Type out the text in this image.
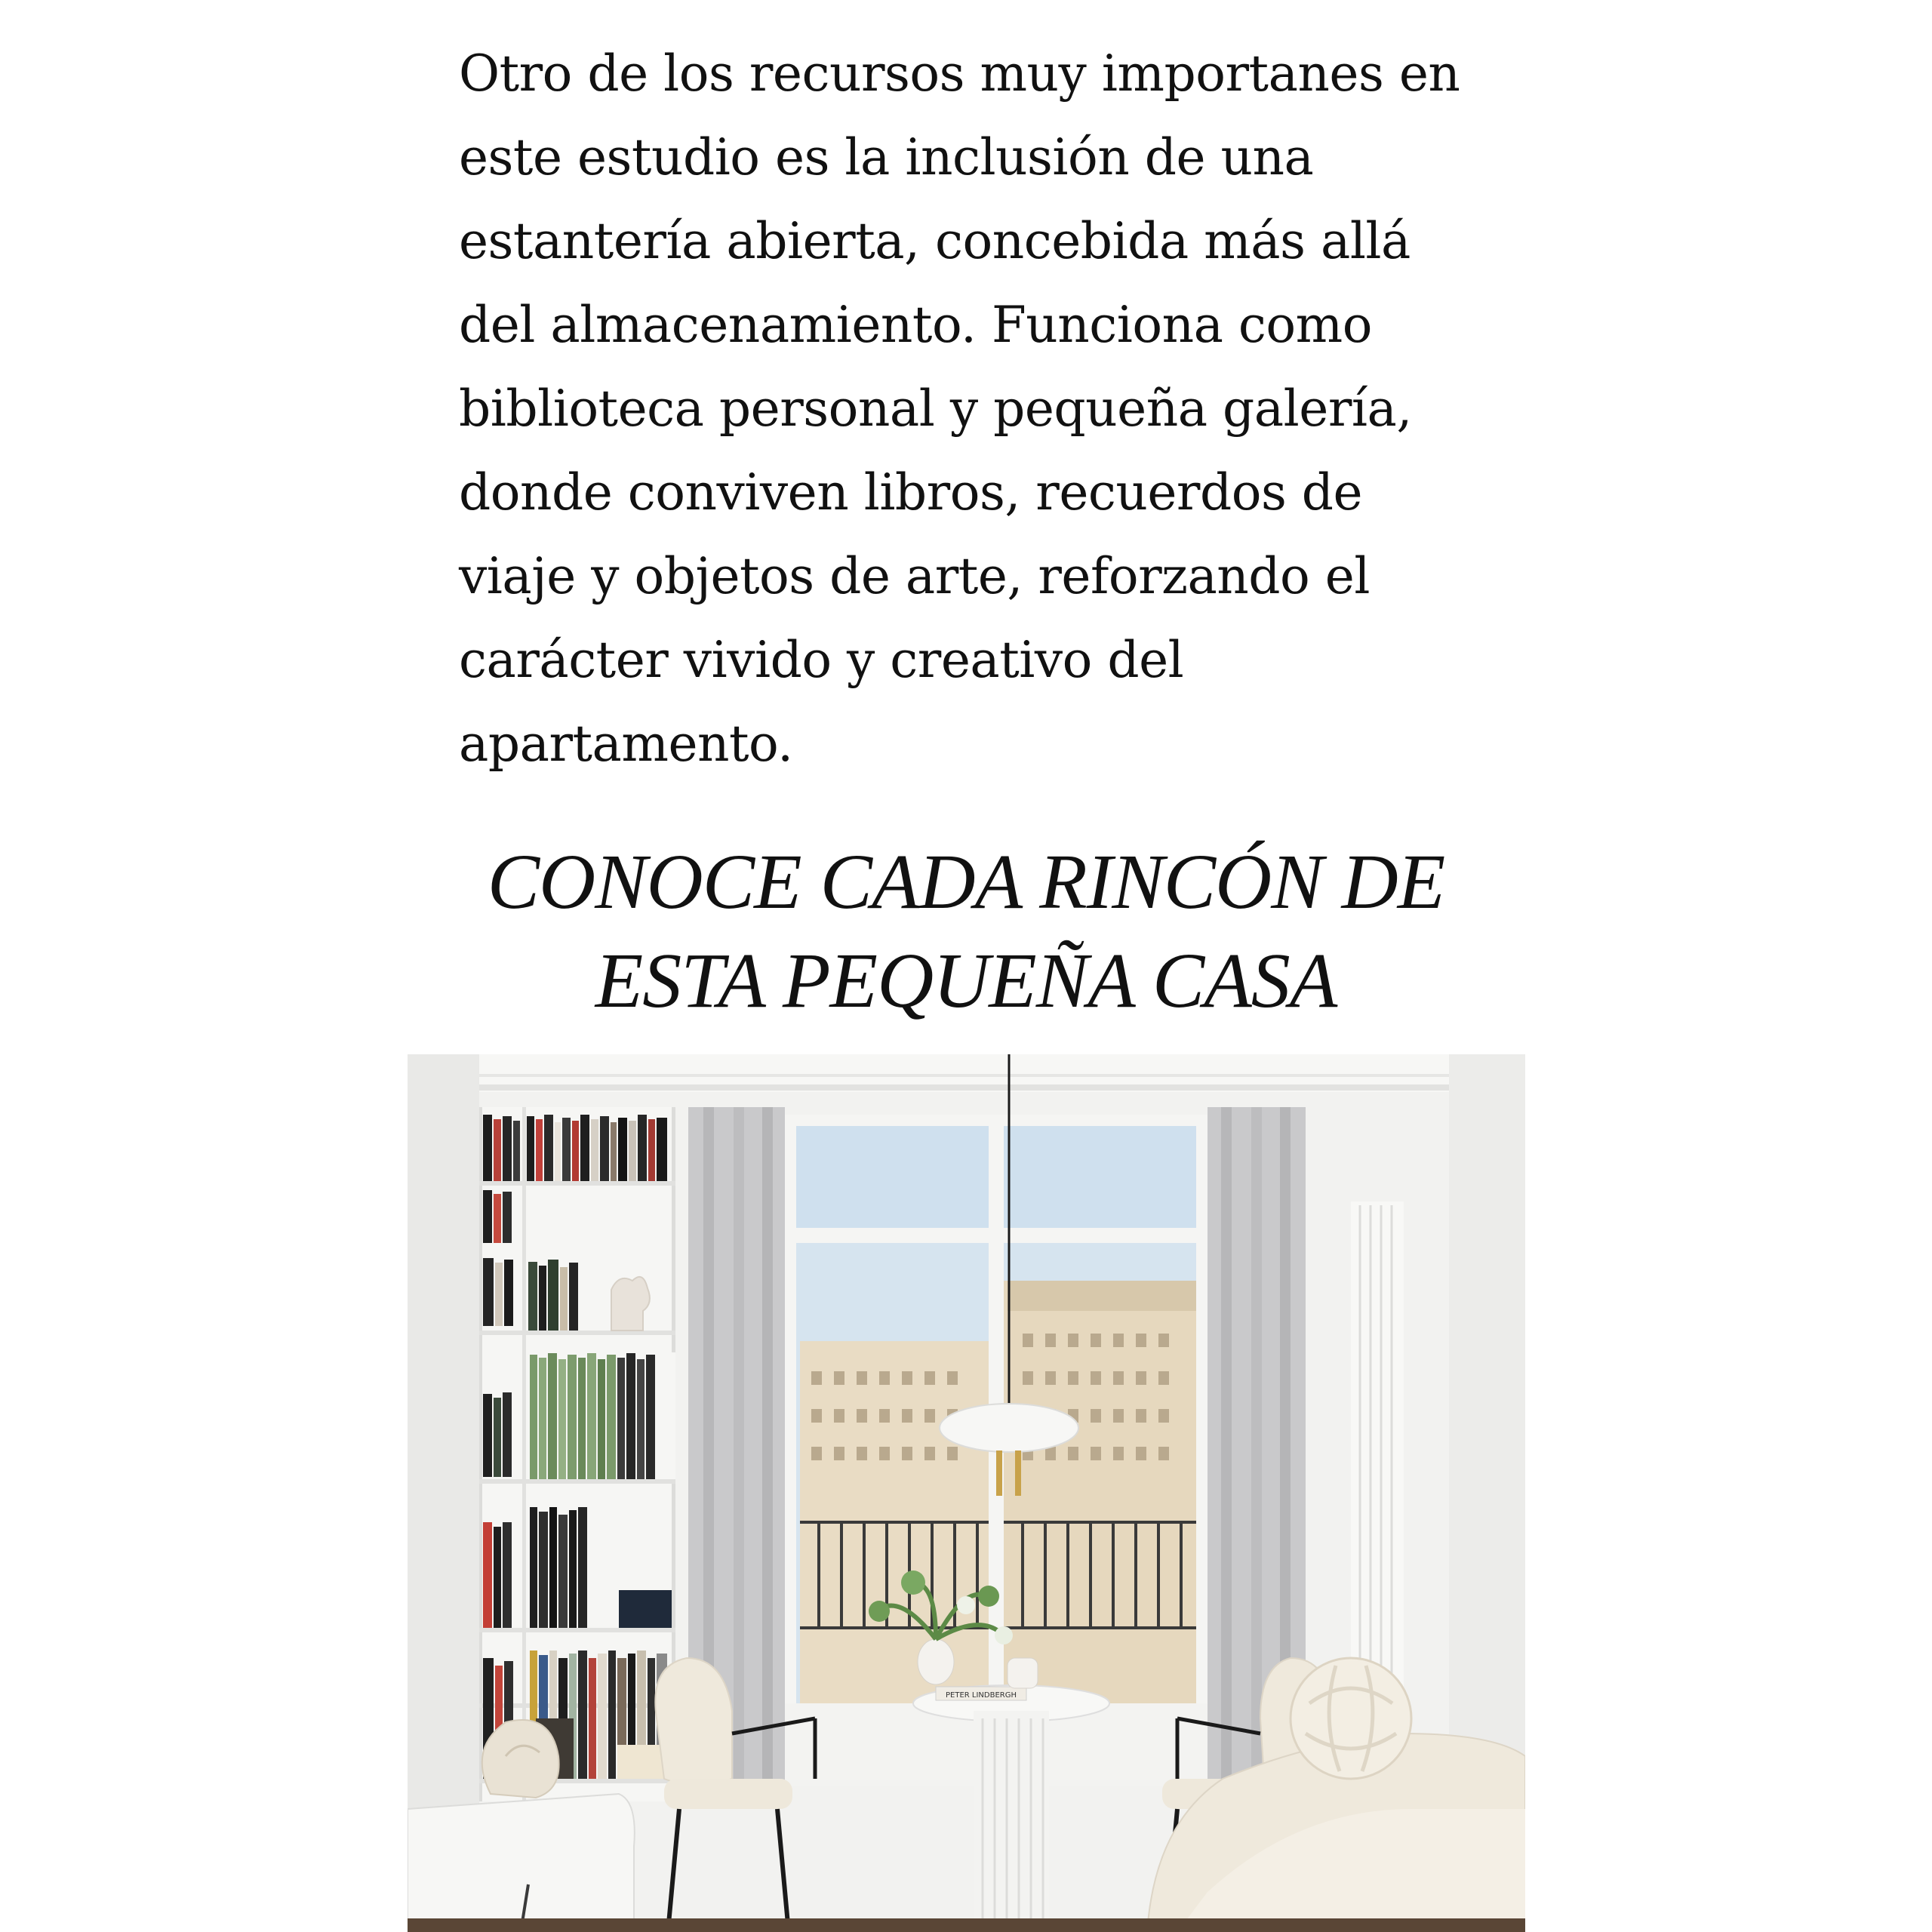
Otro de los recursos muy importanes en
este estudio es la inclusión de una
estantería abierta, concebida más allá
del almacenamiento. Funciona como
biblioteca personal y pequeña galería,
donde conviven libros, recuerdos de
viaje y objetos de arte, reforzando el
carácter vivido y creativo del
apartamento.

CONOCE CADA RINCÓN DE
ESTA PEQUEÑA CASA
PETER LINDBERGH
